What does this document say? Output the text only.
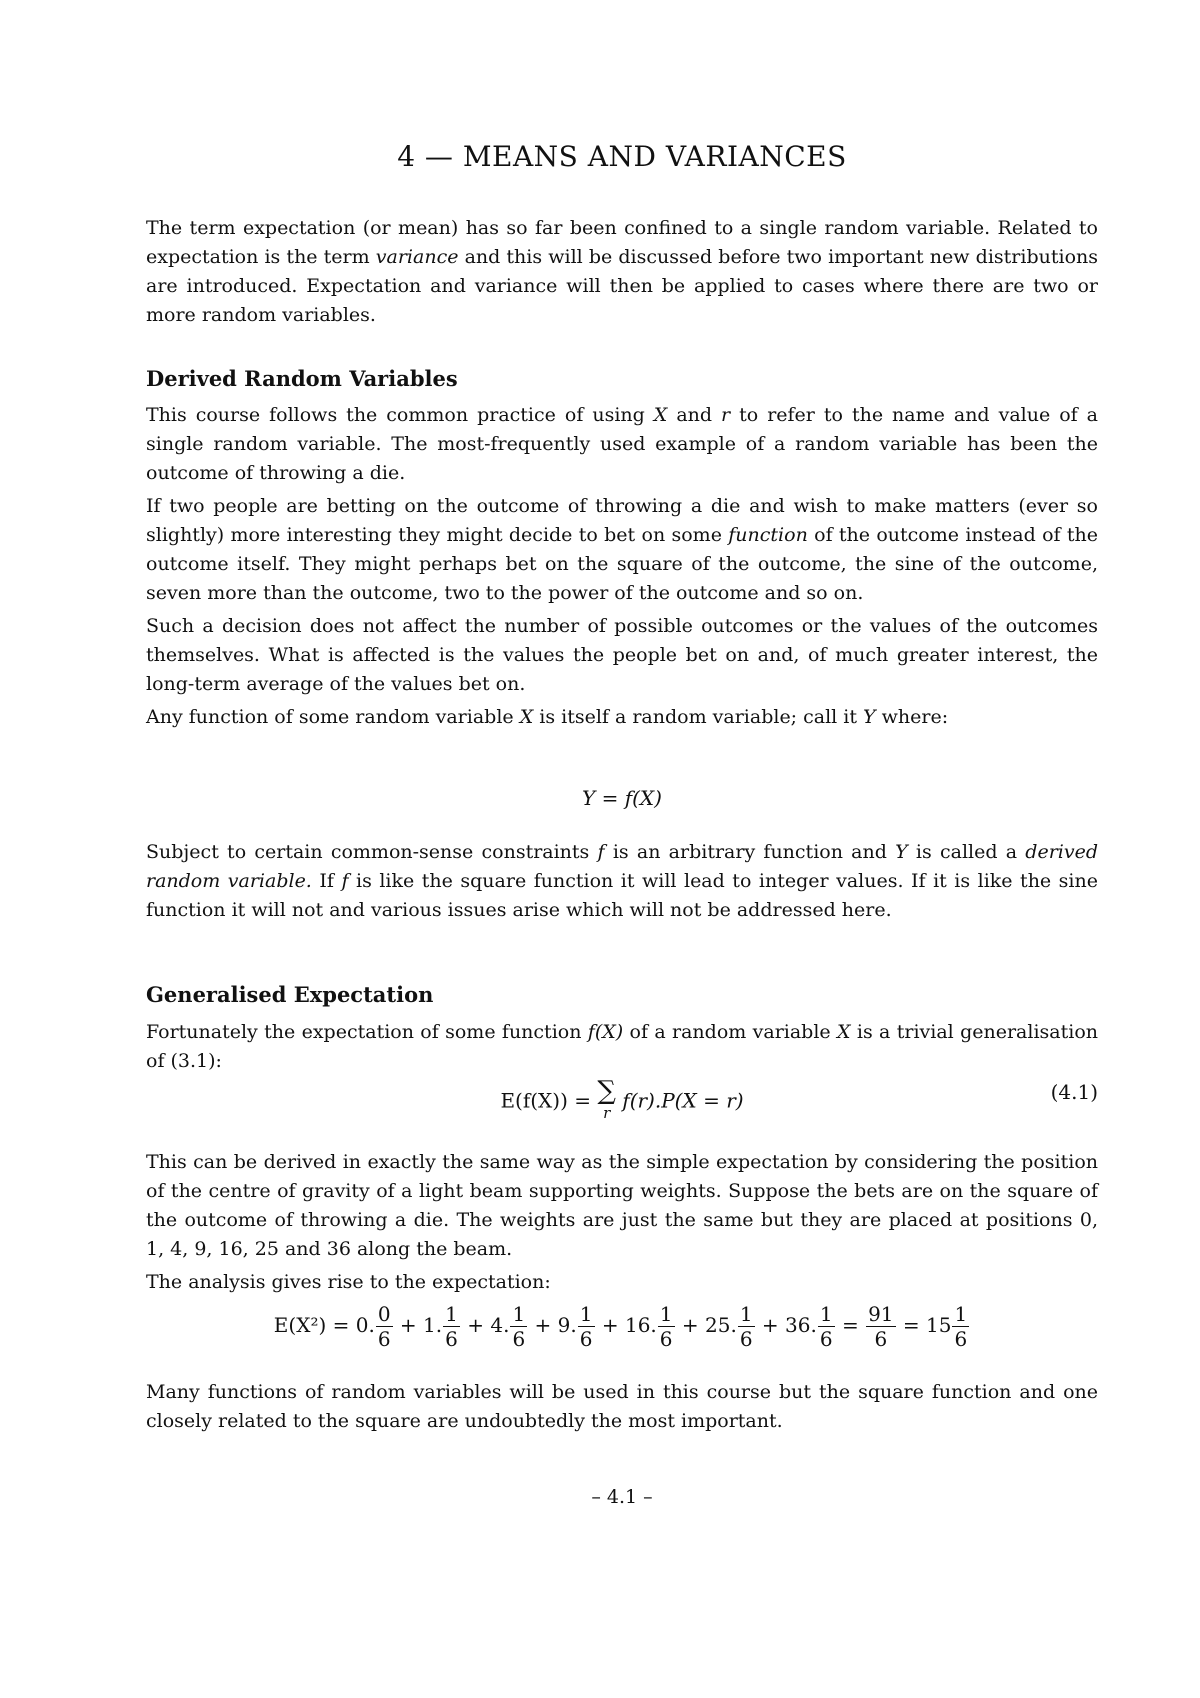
4 — MEANS AND VARIANCES

The term expectation (or mean) has so far been confined to a single random variable. Related to expectation is the term variance and this will be discussed before two important new distributions are introduced. Expectation and variance will then be applied to cases where there are two or more random variables.

Derived Random Variables

This course follows the common practice of using X and r to refer to the name and value of a single random variable. The most-frequently used example of a random variable has been the outcome of throwing a die.

If two people are betting on the outcome of throwing a die and wish to make matters (ever so slightly) more interesting they might decide to bet on some function of the outcome instead of the outcome itself. They might perhaps bet on the square of the outcome, the sine of the outcome, seven more than the outcome, two to the power of the outcome and so on.

Such a decision does not affect the number of possible outcomes or the values of the outcomes themselves. What is affected is the values the people bet on and, of much greater interest, the long-term average of the values bet on.

Any function of some random variable X is itself a random variable; call it Y where:

Y = f(X)

Subject to certain common-sense constraints f is an arbitrary function and Y is called a derived random variable. If f is like the square function it will lead to integer values. If it is like the sine function it will not and various issues arise which will not be addressed here.

Generalised Expectation

Fortunately the expectation of some function f(X) of a random variable X is a trivial generalisation of (3.1):

E(f(X)) = ∑
r
f(r).P(X = r)	(4.1)

This can be derived in exactly the same way as the simple expectation by considering the position of the centre of gravity of a light beam supporting weights. Suppose the bets are on the square of the outcome of throwing a die. The weights are just the same but they are placed at positions 0, 1, 4, 9, 16, 25 and 36 along the beam.

The analysis gives rise to the expectation:

E(X²) = 0. $\frac{0}{6} + 1$. $\frac{1}{6} + 4$. $\frac{1}{6} + 9$. $\frac{1}{6} + 16$. $\frac{1}{6} + 25$. $\frac{1}{6} + 36$. $\frac{1}{6} = \frac{91}{6} = 15 \frac{1}{6}$

Many functions of random variables will be used in this course but the square function and one closely related to the square are undoubtedly the most important.

– 4.1 –
